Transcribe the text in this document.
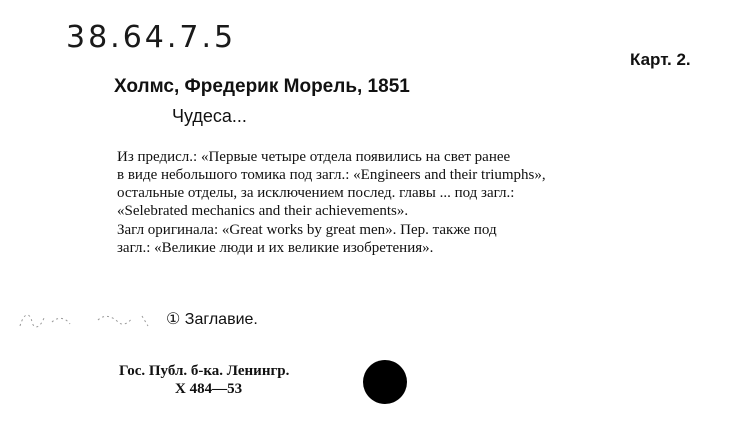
38.64.7.5
Карт. 2.
Холмс, Фредерик Морель, 1851
Чудеса...
Из предисл.: «Первые четыре отдела появились на свет ранее
в виде небольшого томика под загл.: «Engineers and their triumphs»,
остальные отделы, за исключением послед. главы ... под загл.:
«Selebrated mechanics and their achievements».
Загл оригинала: «Great works by great men». Пер. также под
загл.: «Великие люди и их великие изобретения».
① Заглавие.
Гос. Публ. б-ка. Ленингр.
Х 484—53
